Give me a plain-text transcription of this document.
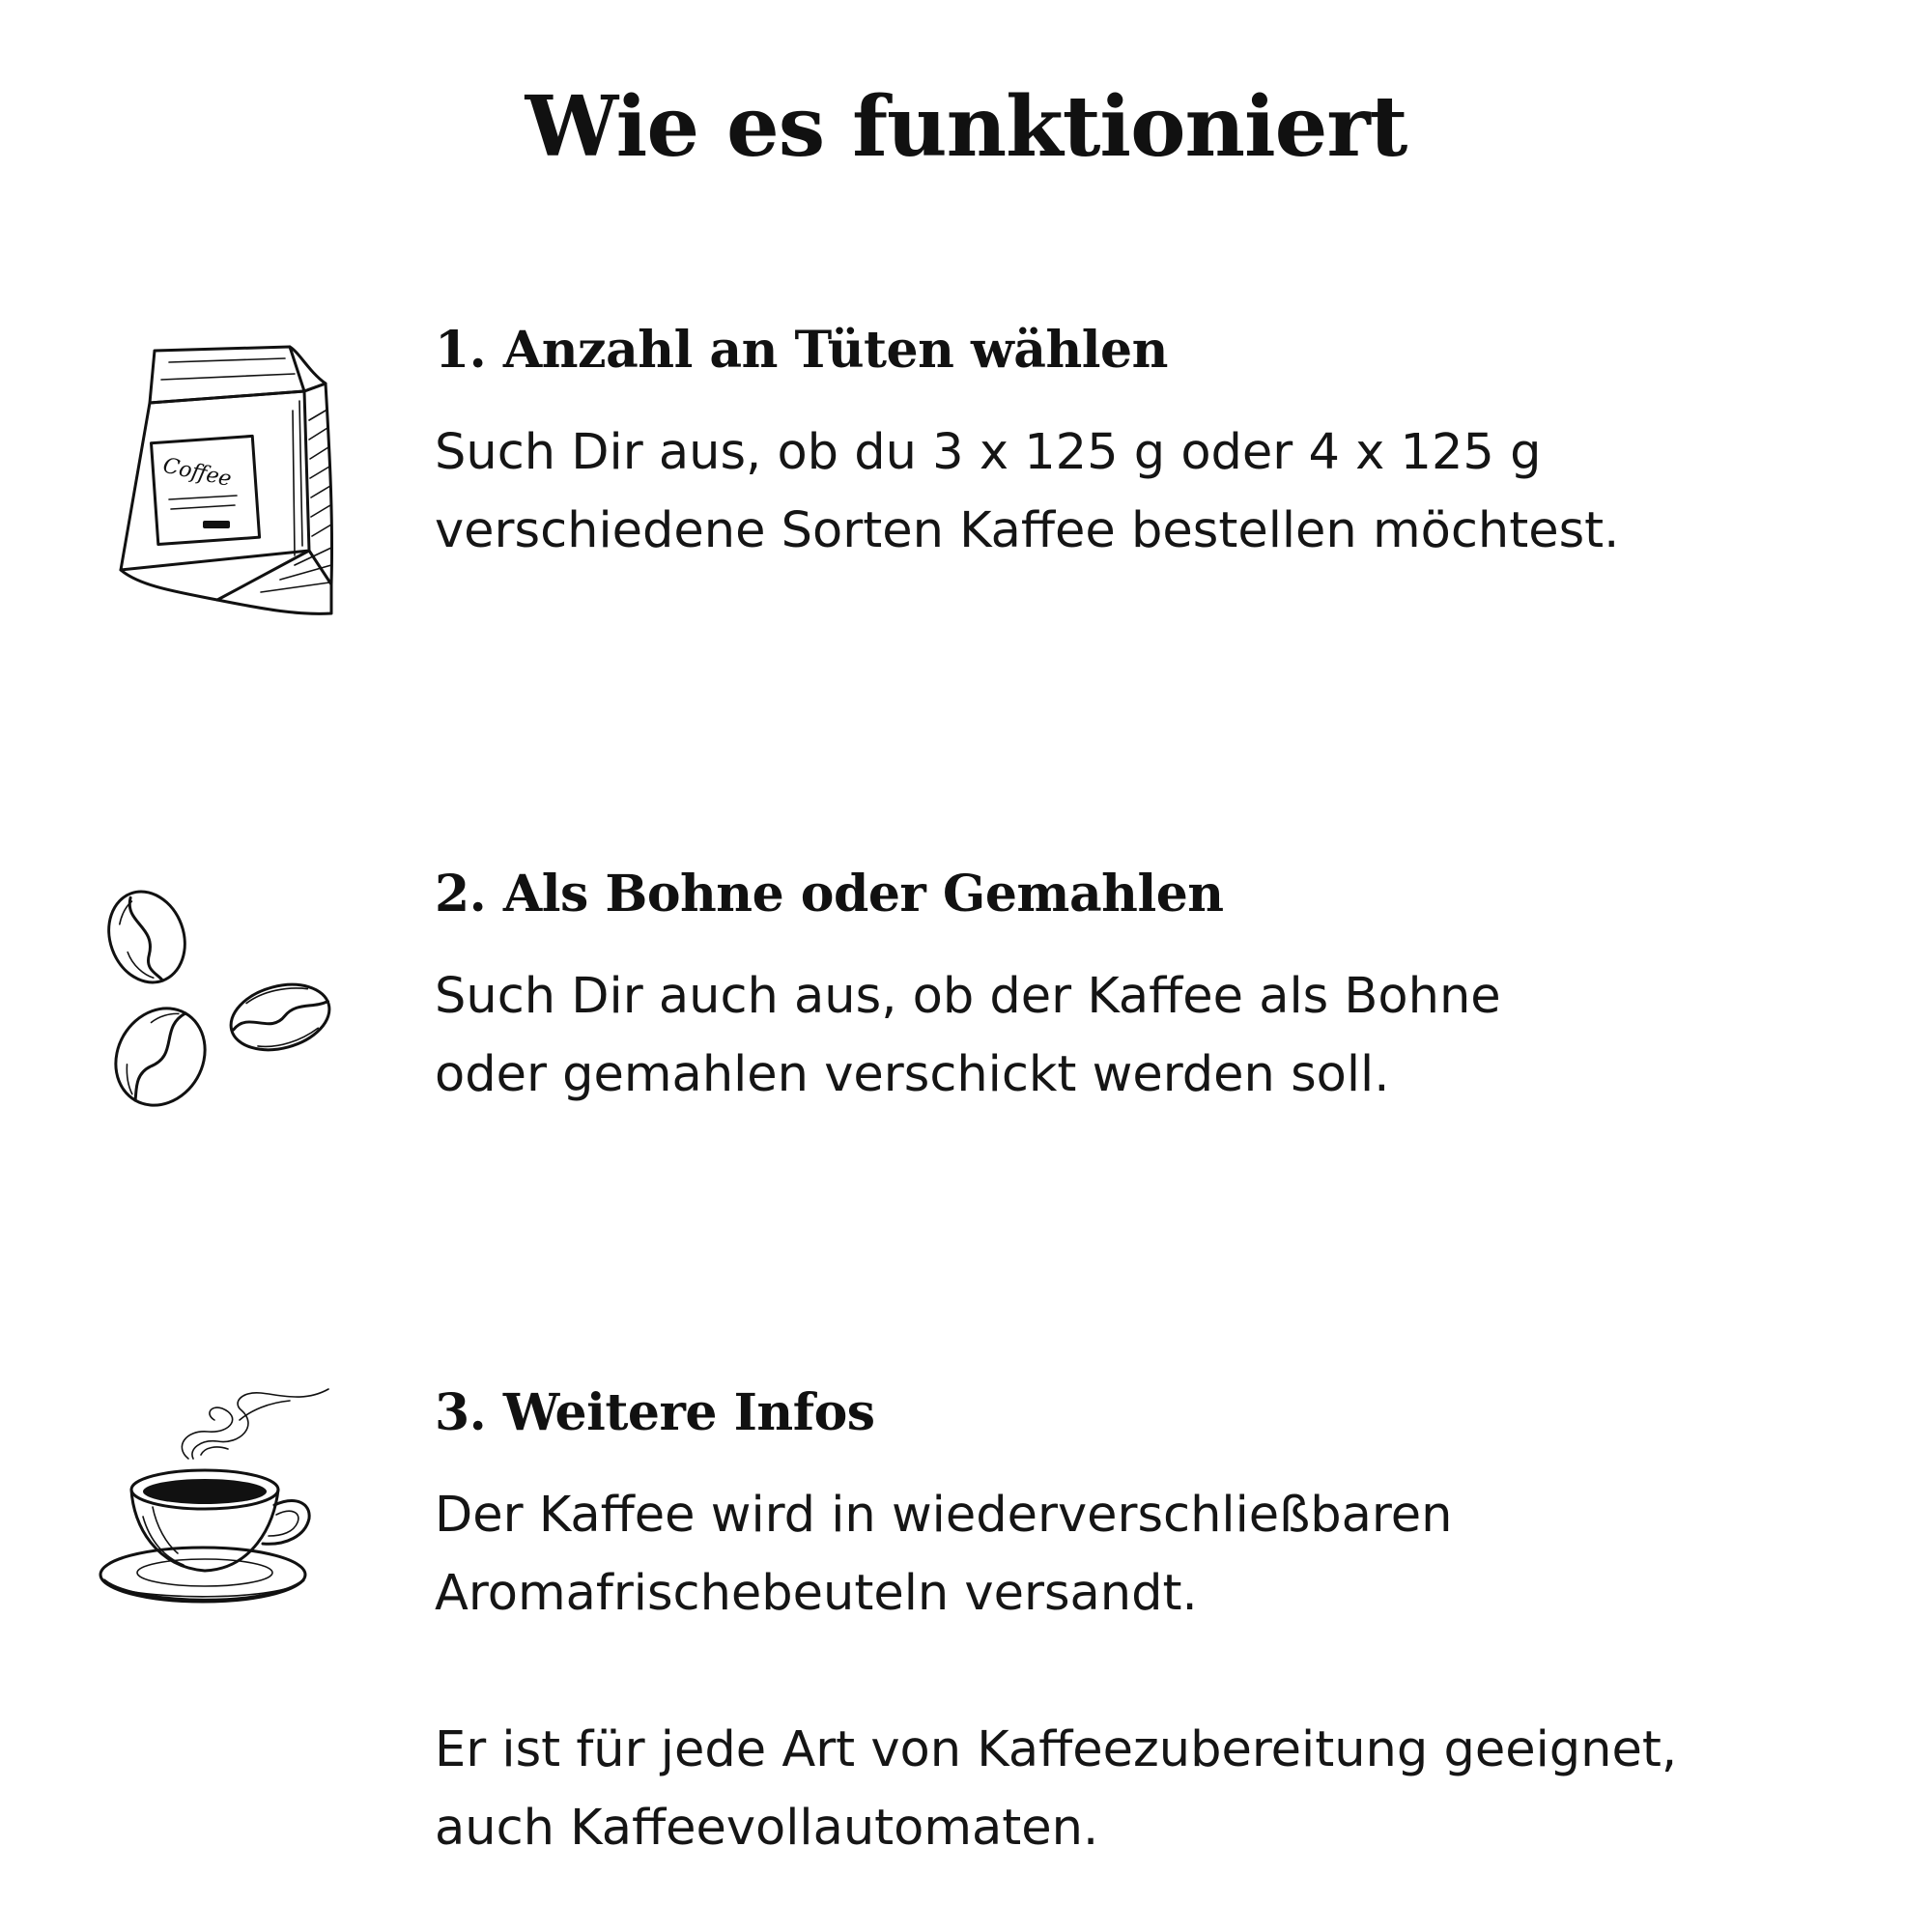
Wie es funktioniert
Coffee
1. Anzahl an Tüten wählen

Such Dir aus, ob du 3 x 125 g oder 4 x 125 g

verschiedene Sorten Kaffee bestellen möchtest.

2. Als Bohne oder Gemahlen

Such Dir auch aus, ob der Kaffee als Bohne

oder gemahlen verschickt werden soll.

3. Weitere Infos

Der Kaffee wird in wiederverschließbaren

Aromafrischebeuteln versandt.

Er ist für jede Art von Kaffeezubereitung geeignet,

auch Kaffeevollautomaten.
